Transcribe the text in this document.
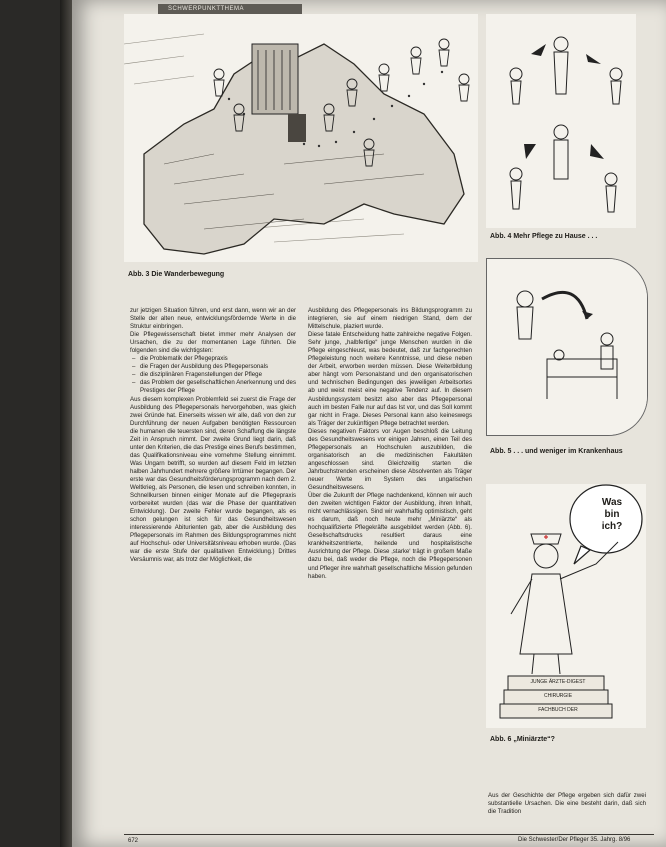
SCHWERPUNKTTHEMA
Abb. 3 Die Wanderbewegung
Abb. 4 Mehr Pflege zu Hause . . .
Abb. 5 . . . und weniger im Krankenhaus
Was
bin
ich?
JUNGE ÄRZTE-DIGEST
CHIRURGIE
FACHBUCH DER
Abb. 6 „Miniärzte“?

zur jetzigen Situation führen, und erst dann, wenn wir an der Stelle der alten neue, entwicklungsfördernde Werte in die Struktur einbringen.

Die Pflegewissenschaft bietet immer mehr Analysen der Ursachen, die zu der momentanen Lage führten. Die folgenden sind die wichtigsten:

– die Problematik der Pflegepraxis
– die Fragen der Ausbildung des Pflegepersonals
– die disziplinären Fragenstellungen der Pflege
– das Problem der gesellschaftlichen Anerkennung und des Prestiges der Pflege

Aus diesem komplexen Problemfeld sei zuerst die Frage der Ausbildung des Pflegepersonals hervorgehoben, was gleich zwei Gründe hat. Einerseits wissen wir alle, daß von den zur Durchführung der neuen Aufgaben benötigten Ressourcen die humanen die teuersten sind, deren Schaffung die längste Zeit in Anspruch nimmt. Der zweite Grund liegt darin, daß unter den Kriterien, die das Prestige eines Berufs bestimmen, das Qualifikationsniveau eine vornehme Stellung einnimmt. Was Ungarn betrifft, so wurden auf diesem Feld im letzten halben Jahrhundert mehrere größere Irrtümer begangen. Der erste war das Gesundheitsförderungsprogramm nach dem 2. Weltkrieg, als Personen, die lesen und schreiben konnten, in Schnellkursen binnen einiger Monate auf die Pflegepraxis vorbereitet wurden (das war die Phase der quantitativen Entwicklung). Der zweite Fehler wurde begangen, als es schon gelungen ist sich für das Gesundheitswesen interessierende Abiturienten gab, aber die Ausbildung des Pflegepersonals im Rahmen des Bildungsprogrammes nicht auf Hochschul- oder Universitätsniveau erhoben wurde. (Das war die erste Stufe der qualitativen Entwicklung.) Drittes Versäumnis war, als trotz der Möglichkeit, die

Ausbildung des Pflegepersonals ins Bildungsprogramm zu integrieren, sie auf einem niedrigen Stand, dem der Mittelschule, plaziert wurde.

Diese fatale Entscheidung hatte zahlreiche negative Folgen. Sehr junge, „halbfertige“ junge Menschen wurden in die Pflege eingeschleust, was bedeutet, daß zur fachgerechten Pflegeleistung noch weitere Kenntnisse, und diese neben der Arbeit, erworben werden müssen. Diese Weiterbildung aber hängt vom Personalstand und den organisatorischen und technischen Bedingungen des jeweiligen Arbeitsortes ab und weist meist eine negative Tendenz auf. In diesem Ausbildungssystem besitzt also aber das Pflegepersonal auch im besten Falle nur auf das Ist vor, und das Soll kommt gar nicht in Frage. Dieses Personal kann also keineswegs als Träger der zukünftigen Pflege betrachtet werden.

Dieses negativen Faktors vor Augen beschloß die Leitung des Gesundheitswesens vor einigen Jahren, einen Teil des Pflegepersonals an Hochschulen auszubilden, die organisatorisch an die medizinischen Fakultäten angeschlossen sind. Gleichzeitig starten die Jahrbuchstrenden erscheinen diese Absolventen als Träger neuer Werte im System des ungarischen Gesundheitswesens.

Über die Zukunft der Pflege nachdenkend, können wir auch den zweiten wichtigen Faktor der Ausbildung, ihren Inhalt, nicht vernachlässigen. Sind wir wahrhaftig optimistisch, geht es darum, daß noch heute mehr „Miniärzte“ als hochqualifizierte Pflegekräfte ausgebildet werden (Abb. 6). Gesellschaftsdrucks resultiert daraus eine krankheitszentrierte, heilende und hospitalistische Ausrichtung der Pflege. Diese ‚starke‘ trägt in großem Maße dazu bei, daß weder die Pflege, noch die Pflegepersonen und Pfleger ihre wahrhaft gesellschaftliche Mission gefunden haben.

Aus der Geschichte der Pflege ergeben sich dafür zwei substantielle Ursachen. Die eine besteht darin, daß sich die Tradition

672	Die Schwester/Der Pfleger 35. Jahrg. 8/96
